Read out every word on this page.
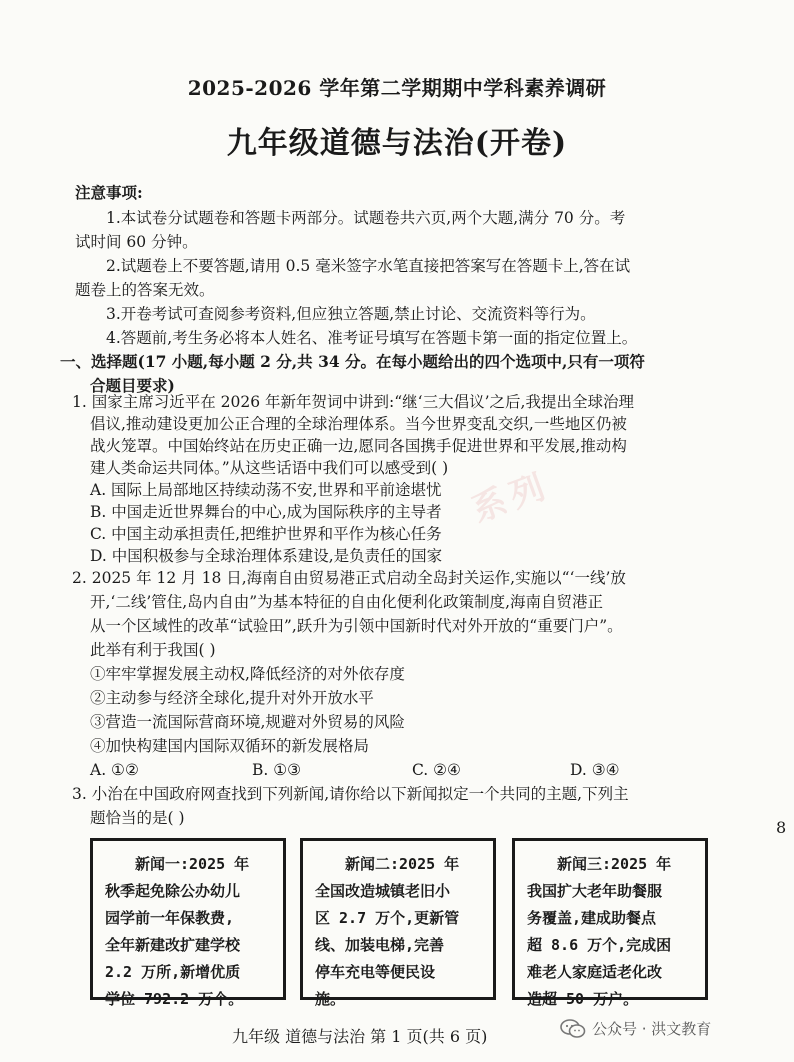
2025-2026 学年第二学期期中学科素养调研
九年级道德与法治(开卷)
注意事项:
1.本试卷分试题卷和答题卡两部分。试题卷共六页,两个大题,满分 70 分。考
试时间 60 分钟。
2.试题卷上不要答题,请用 0.5 毫米签字水笔直接把答案写在答题卡上,答在试
题卷上的答案无效。
3.开卷考试可查阅参考资料,但应独立答题,禁止讨论、交流资料等行为。
4.答题前,考生务必将本人姓名、准考证号填写在答题卡第一面的指定位置上。
一、选择题(17 小题,每小题 2 分,共 34 分。在每小题给出的四个选项中,只有一项符
合题目要求)
1. 国家主席习近平在 2026 年新年贺词中讲到:“继‘三大倡议’之后,我提出全球治理
倡议,推动建设更加公正合理的全球治理体系。当今世界变乱交织,一些地区仍被
战火笼罩。中国始终站在历史正确一边,愿同各国携手促进世界和平发展,推动构
建人类命运共同体。”从这些话语中我们可以感受到( )
A. 国际上局部地区持续动荡不安,世界和平前途堪忧
B. 中国走近世界舞台的中心,成为国际秩序的主导者
C. 中国主动承担责任,把维护世界和平作为核心任务
D. 中国积极参与全球治理体系建设,是负责任的国家
2. 2025 年 12 月 18 日,海南自由贸易港正式启动全岛封关运作,实施以“‘一线’放
开,‘二线’管住,岛内自由”为基本特征的自由化便利化政策制度,海南自贸港正
从一个区域性的改革“试验田”,跃升为引领中国新时代对外开放的“重要门户”。
此举有利于我国( )
①牢牢掌握发展主动权,降低经济的对外依存度
②主动参与经济全球化,提升对外开放水平
③营造一流国际营商环境,规避对外贸易的风险
④加快构建国内国际双循环的新发展格局
A. ①②	B. ①③	C. ②④	D. ③④
3. 小治在中国政府网查找到下列新闻,请你给以下新闻拟定一个共同的主题,下列主
新闻一:2025 年
秋季起免除公办幼儿
园学前一年保教费,
全年新建改扩建学校
2.2 万所,新增优质
学位 792.2 万个。
新闻二:2025 年
全国改造城镇老旧小
区 2.7 万个,更新管
线、加装电梯,完善
停车充电等便民设
施。
新闻三:2025 年
我国扩大老年助餐服
务覆盖,建成助餐点
超 8.6 万个,完成困
难老人家庭适老化改
造超 50 万户。
系列
8
九年级 道德与法治 第 1 页(共 6 页)	公众号 · 洪文教育
题恰当的是( )
